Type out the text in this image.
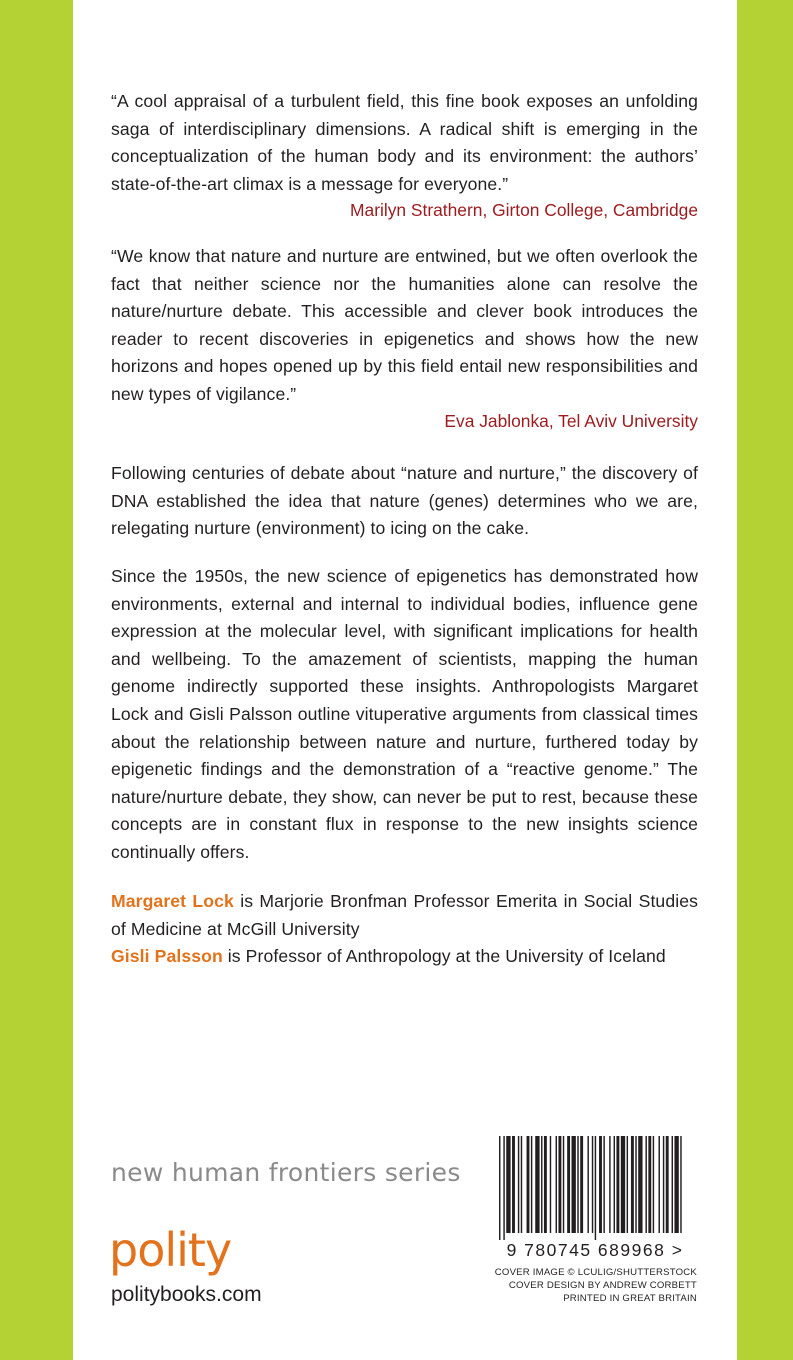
“A cool appraisal of a turbulent field, this fine book exposes an unfolding saga of interdisciplinary dimensions. A radical shift is emerging in the conceptualization of the human body and its environment: the authors’ state-of-the-art climax is a message for everyone.”

Marilyn Strathern, Girton College, Cambridge

“We know that nature and nurture are entwined, but we often overlook the fact that neither science nor the humanities alone can resolve the nature/nurture debate. This accessible and clever book introduces the reader to recent discoveries in epigenetics and shows how the new horizons and hopes opened up by this field entail new responsibilities and new types of vigilance.”

Eva Jablonka, Tel Aviv University

Following centuries of debate about “nature and nurture,” the discovery of DNA established the idea that nature (genes) determines who we are, relegating nurture (environment) to icing on the cake.

Since the 1950s, the new science of epigenetics has demonstrated how environments, external and internal to individual bodies, influence gene expression at the molecular level, with significant implications for health and wellbeing. To the amazement of scientists, mapping the human genome indirectly supported these insights. Anthropologists Margaret Lock and Gisli Palsson outline vituperative arguments from classical times about the relationship between nature and nurture, furthered today by epigenetic findings and the demonstration of a “reactive genome.” The nature/nurture debate, they show, can never be put to rest, because these concepts are in constant flux in response to the new insights science continually offers.

Margaret Lock is Marjorie Bronfman Professor Emerita in Social Studies of Medicine at McGill University

Gisli Palsson is Professor of Anthropology at the University of Iceland

new human frontiers series
polity
politybooks.com
9 780745 689968 >
COVER IMAGE © LCULIG/SHUTTERSTOCK
COVER DESIGN BY ANDREW CORBETT
PRINTED IN GREAT BRITAIN
